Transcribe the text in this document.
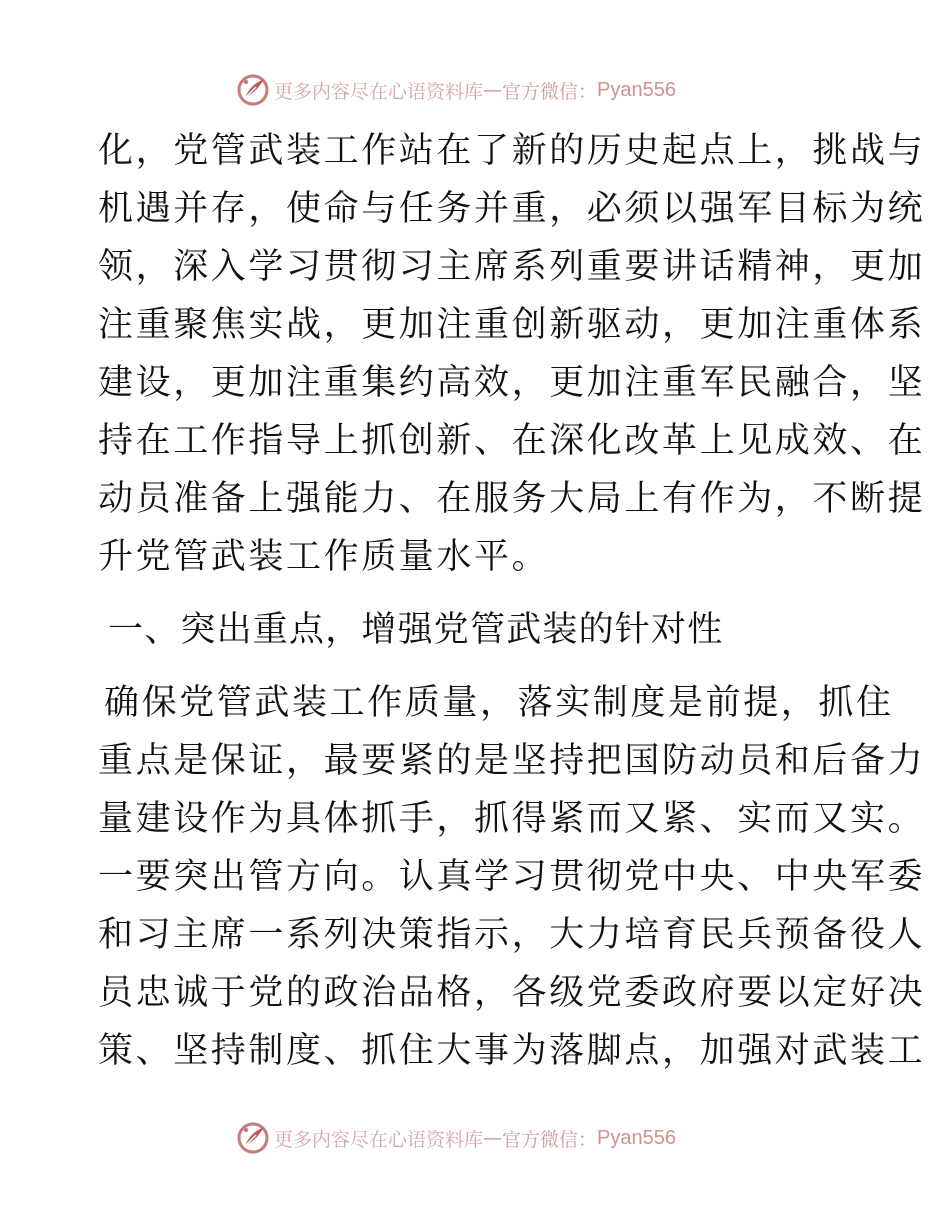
更多内容尽在心语资料库 — 官方微信： Pyan556
化，党管武装工作站在了新的历史起点上，挑战与
机遇并存，使命与任务并重，必须以强军目标为统
领，深入学习贯彻习主席系列重要讲话精神，更加
注重聚焦实战，更加注重创新驱动，更加注重体系
建设，更加注重集约高效，更加注重军民融合，坚
持在工作指导上抓创新、在深化改革上见成效、在
动员准备上强能力、在服务大局上有作为，不断提
升党管武装工作质量水平。
一、突出重点，增强党管武装的针对性
确保党管武装工作质量，落实制度是前提，抓住
重点是保证，最要紧的是坚持把国防动员和后备力
量建设作为具体抓手，抓得紧而又紧、实而又实。
一要突出管方向。认真学习贯彻党中央、中央军委
和习主席一系列决策指示，大力培育民兵预备役人
员忠诚于党的政治品格，各级党委政府要以定好决
策、坚持制度、抓住大事为落脚点，加强对武装工
更多内容尽在心语资料库 — 官方微信： Pyan556
